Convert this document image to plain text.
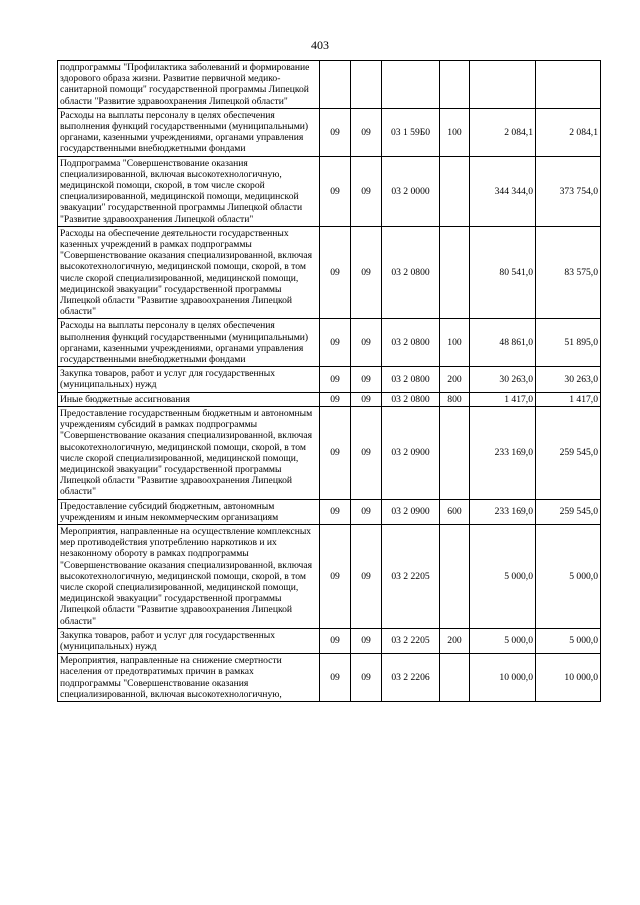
403
подпрограммы "Профилактика заболеваний и формирование здорового образа жизни. Развитие первичной медико-санитарной помощи" государственной программы Липецкой области "Развитие здравоохранения Липецкой области"						
Расходы на выплаты персоналу в целях обеспечения выполнения функций государственными (муниципальными) органами, казенными учреждениями, органами управления государственными внебюджетными фондами	09	09	03 1 59Б0	100	2 084,1	2 084,1
Подпрограмма "Совершенствование оказания специализированной, включая высокотехнологичную, медицинской помощи, скорой, в том числе скорой специализированной, медицинской помощи, медицинской эвакуации" государственной программы Липецкой области "Развитие здравоохранения Липецкой области"	09	09	03 2 0000		344 344,0	373 754,0
Расходы на обеспечение деятельности государственных казенных учреждений в рамках подпрограммы "Совершенствование оказания специализированной, включая высокотехнологичную, медицинской помощи, скорой, в том числе скорой специализированной, медицинской помощи, медицинской эвакуации" государственной программы Липецкой области "Развитие здравоохранения Липецкой области"	09	09	03 2 0800		80 541,0	83 575,0
Расходы на выплаты персоналу в целях обеспечения выполнения функций государственными (муниципальными) органами, казенными учреждениями, органами управления государственными внебюджетными фондами	09	09	03 2 0800	100	48 861,0	51 895,0
Закупка товаров, работ и услуг для государственных (муниципальных) нужд	09	09	03 2 0800	200	30 263,0	30 263,0
Иные бюджетные ассигнования	09	09	03 2 0800	800	1 417,0	1 417,0
Предоставление государственным бюджетным и автономным учреждениям субсидий в рамках подпрограммы "Совершенствование оказания специализированной, включая высокотехнологичную, медицинской помощи, скорой, в том числе скорой специализированной, медицинской помощи, медицинской эвакуации" государственной программы Липецкой области "Развитие здравоохранения Липецкой области"	09	09	03 2 0900		233 169,0	259 545,0
Предоставление субсидий бюджетным, автономным учреждениям и иным некоммерческим организациям	09	09	03 2 0900	600	233 169,0	259 545,0
Мероприятия, направленные на осуществление комплексных мер противодействия употреблению наркотиков и их незаконному обороту в рамках подпрограммы "Совершенствование оказания специализированной, включая высокотехнологичную, медицинской помощи, скорой, в том числе скорой специализированной, медицинской помощи, медицинской эвакуации" государственной программы Липецкой области "Развитие здравоохранения Липецкой области"	09	09	03 2 2205		5 000,0	5 000,0
Закупка товаров, работ и услуг для государственных (муниципальных) нужд	09	09	03 2 2205	200	5 000,0	5 000,0
Мероприятия, направленные на снижение смертности населения от предотвратимых причин в рамках подпрограммы "Совершенствование оказания специализированной, включая высокотехнологичную,	09	09	03 2 2206		10 000,0	10 000,0
